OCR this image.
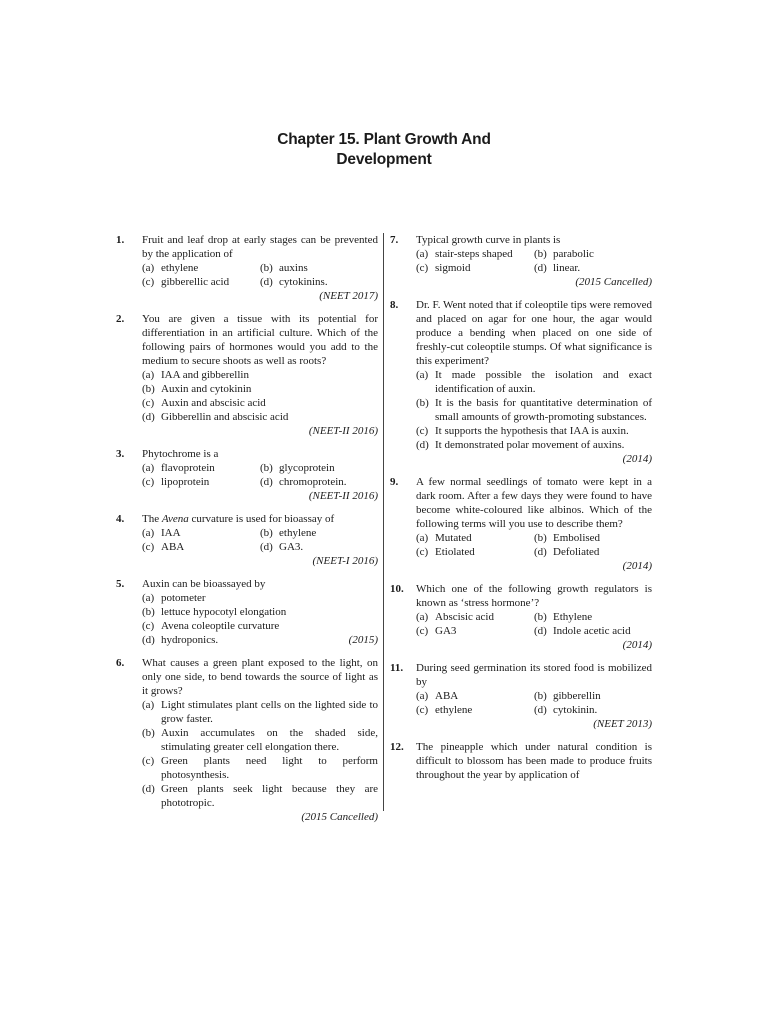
Chapter 15. Plant Growth And
Development
1. Fruit and leaf drop at early stages can be prevented by the application of
(a) ethylene	(b) auxins
(c) gibberellic acid	(d) cytokinins.
(NEET 2017)
2. You are given a tissue with its potential for differentiation in an artificial culture. Which of the following pairs of hormones would you add to the medium to secure shoots as well as roots?
(a) IAA and gibberellin
(b) Auxin and cytokinin
(c) Auxin and abscisic acid
(d) Gibberellin and abscisic acid
(NEET-II 2016)
3. Phytochrome is a
(a) flavoprotein	(b) glycoprotein
(c) lipoprotein	(d) chromoprotein.
(NEET-II 2016)
4. The Avena curvature is used for bioassay of
(a) IAA	(b) ethylene
(c) ABA	(d) GA3.
(NEET-I 2016)
5. Auxin can be bioassayed by
(a) potometer
(b) lettuce hypocotyl elongation
(c) Avena coleoptile curvature
(d) hydroponics.	(2015)
6. What causes a green plant exposed to the light, on only one side, to bend towards the source of light as it grows?
(a) Light stimulates plant cells on the lighted side to grow faster.
(b) Auxin accumulates on the shaded side, stimulating greater cell elongation there.
(c) Green plants need light to perform photosynthesis.
(d) Green plants seek light because they are phototropic.
(2015 Cancelled)
7. Typical growth curve in plants is
(a) stair-steps shaped	(b) parabolic
(c) sigmoid	(d) linear.
(2015 Cancelled)
8. Dr. F. Went noted that if coleoptile tips were removed and placed on agar for one hour, the agar would produce a bending when placed on one side of freshly-cut coleoptile stumps. Of what significance is this experiment?
(a) It made possible the isolation and exact identification of auxin.
(b) It is the basis for quantitative determination of small amounts of growth-promoting substances.
(c) It supports the hypothesis that IAA is auxin.
(d) It demonstrated polar movement of auxins.
(2014)
9. A few normal seedlings of tomato were kept in a dark room. After a few days they were found to have become white-coloured like albinos. Which of the following terms will you use to describe them?
(a) Mutated	(b) Embolised
(c) Etiolated	(d) Defoliated
(2014)
10. Which one of the following growth regulators is known as ‘stress hormone’?
(a) Abscisic acid	(b) Ethylene
(c) GA3	(d) Indole acetic acid
(2014)
11. During seed germination its stored food is mobilized by
(a) ABA	(b) gibberellin
(c) ethylene	(d) cytokinin.
(NEET 2013)
12. The pineapple which under natural condition is difficult to blossom has been made to produce fruits throughout the year by application of
